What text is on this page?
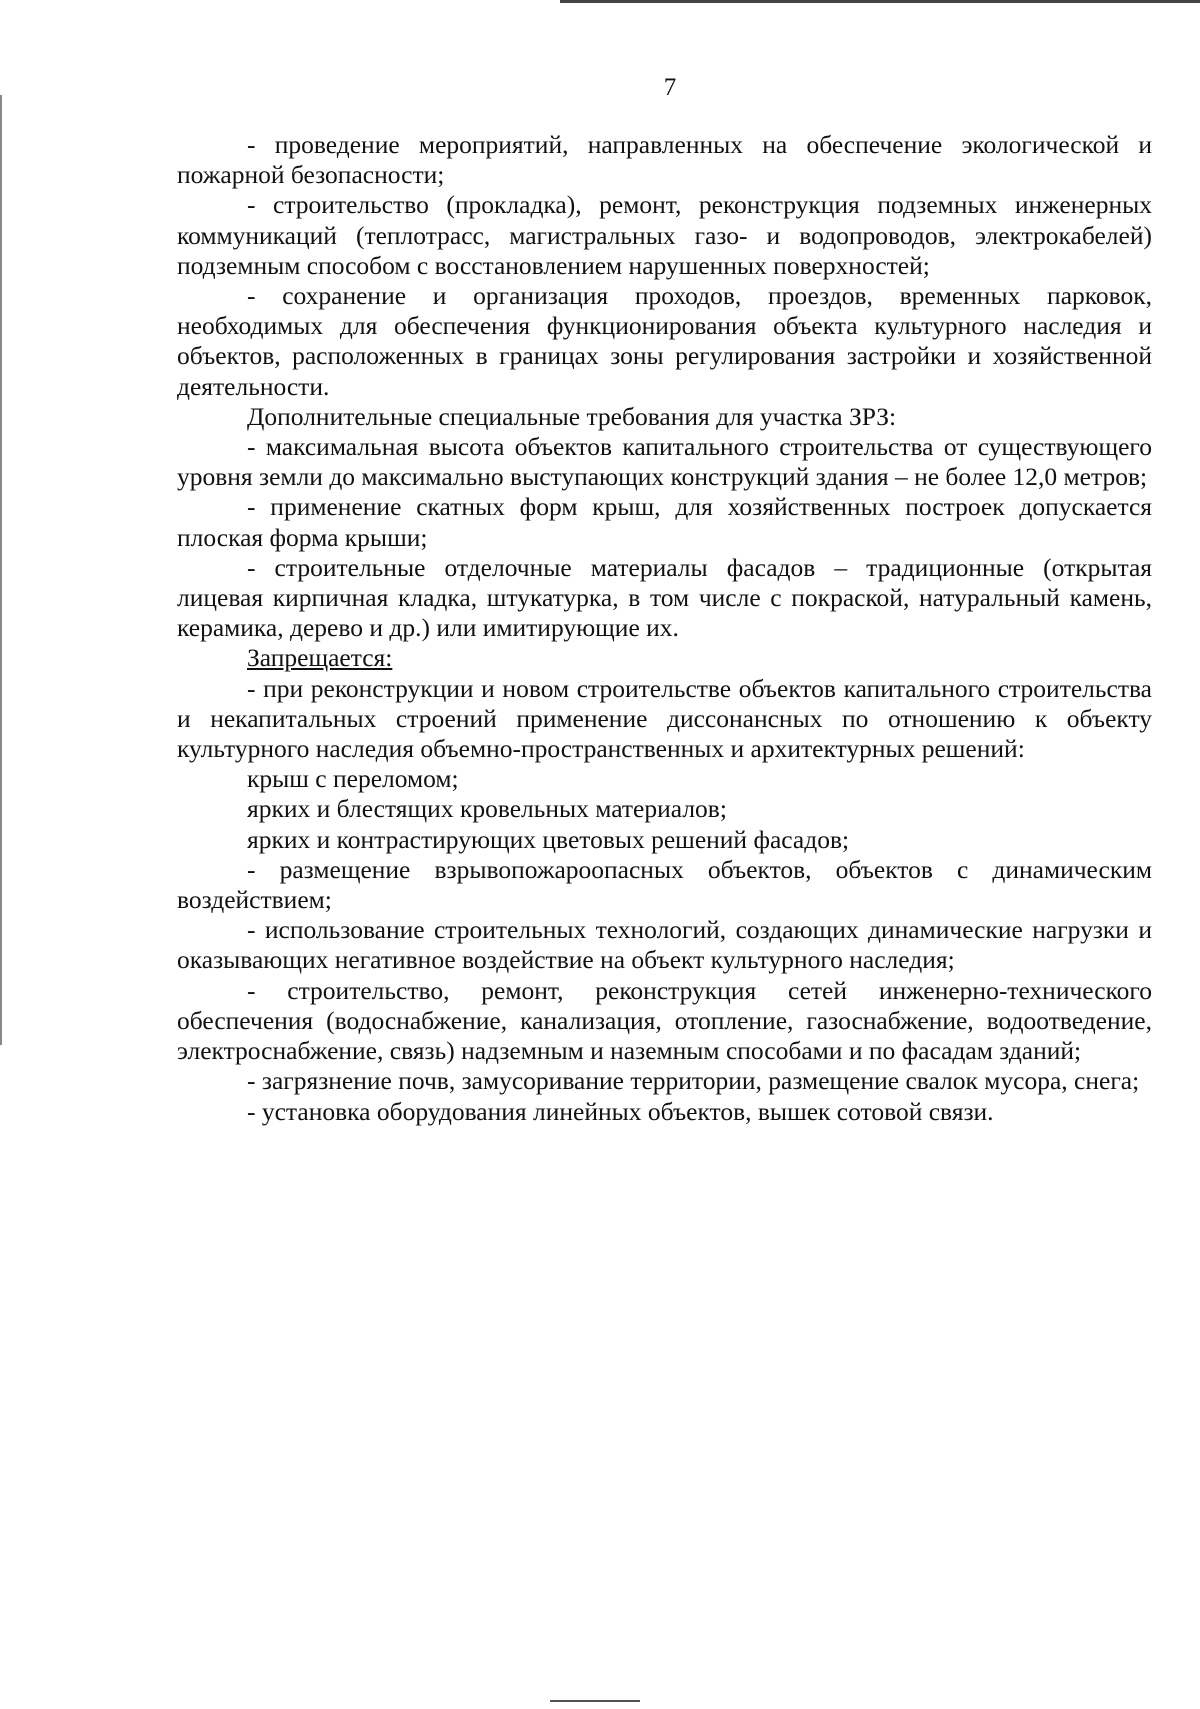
7

- проведение мероприятий, направленных на обеспечение экологической и пожарной безопасности;

- строительство (прокладка), ремонт, реконструкция подземных инженерных коммуникаций (теплотрасс, магистральных газо- и водопроводов, электрокабелей) подземным способом с восстановлением нарушенных поверхностей;

- сохранение и организация проходов, проездов, временных парковок, необходимых для обеспечения функционирования объекта культурного наследия и объектов, расположенных в границах зоны регулирования застройки и хозяйственной деятельности.

Дополнительные специальные требования для участка ЗРЗ:

- максимальная высота объектов капитального строительства от существующего уровня земли до максимально выступающих конструкций здания – не более 12,0 метров;

- применение скатных форм крыш, для хозяйственных построек допускается плоская форма крыши;

- строительные отделочные материалы фасадов – традиционные (открытая лицевая кирпичная кладка, штукатурка, в том числе с покраской, натуральный камень, керамика, дерево и др.) или имитирующие их.

Запрещается:

- при реконструкции и новом строительстве объектов капитального строительства и некапитальных строений применение диссонансных по отношению к объекту культурного наследия объемно-пространственных и архитектурных решений:

крыш с переломом;

ярких и блестящих кровельных материалов;

ярких и контрастирующих цветовых решений фасадов;

- размещение взрывопожароопасных объектов, объектов с динамическим воздействием;

- использование строительных технологий, создающих динамические нагрузки и оказывающих негативное воздействие на объект культурного наследия;

- строительство, ремонт, реконструкция сетей инженерно-технического обеспечения (водоснабжение, канализация, отопление, газоснабжение, водоотведение, электроснабжение, связь) надземным и наземным способами и по фасадам зданий;

- загрязнение почв, замусоривание территории, размещение свалок мусора, снега;

- установка оборудования линейных объектов, вышек сотовой связи.
